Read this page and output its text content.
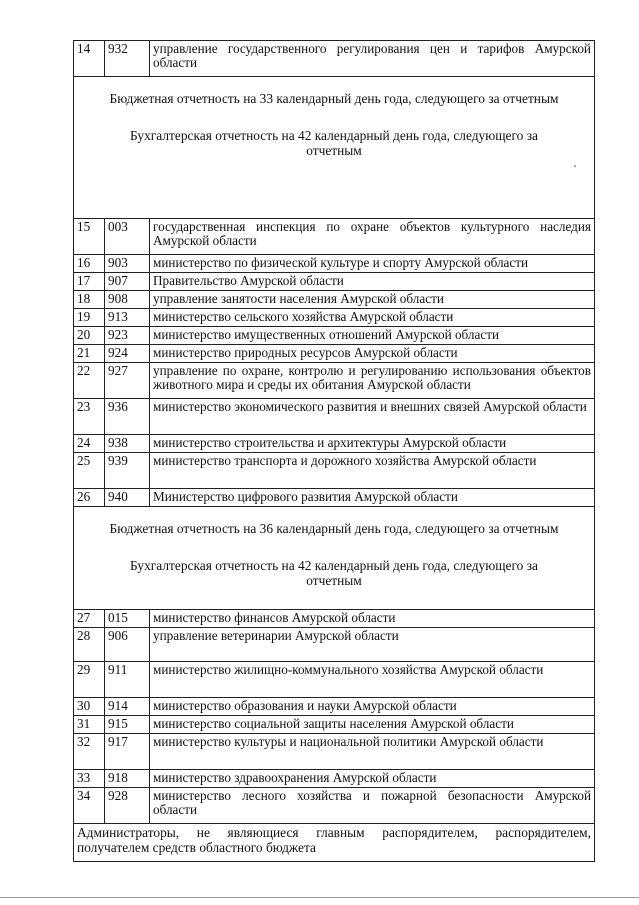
14	932	управление государственного регулирования цен и тарифов Амурской области

Бюджетная отчетность на 33 календарный день года, следующего за отчетным
Бухгалтерская отчетность на 42 календарный день года, следующего за отчетным		

15	003	государственная инспекция по охране объектов культурного наследия Амурской области
16	903	министерство по физической культуре и спорту Амурской области
17	907	Правительство Амурской области
18	908	управление занятости населения Амурской области
19	913	министерство сельского хозяйства Амурской области
20	923	министерство имущественных отношений Амурской области
21	924	министерство природных ресурсов Амурской области
22	927	управление по охране, контролю и регулированию использования объектов животного мира и среды их обитания Амурской области
23	936	министерство экономического развития и внешних связей Амурской области
24	938	министерство строительства и архитектуры Амурской области
25	939	министерство транспорта и дорожного хозяйства Амурской области
26	940	Министерство цифрового развития Амурской области

Бюджетная отчетность на 36 календарный день года, следующего за отчетным
Бухгалтерская отчетность на 42 календарный день года, следующего за отчетным		

27	015	министерство финансов Амурской области
28	906	управление ветеринарии Амурской области
29	911	министерство жилищно-коммунального хозяйства Амурской области
30	914	министерство образования и науки Амурской области
31	915	министерство социальной защиты населения Амурской области
32	917	министерство культуры и национальной политики Амурской области
33	918	министерство здравоохранения Амурской области
34	928	министерство лесного хозяйства и пожарной безопасности Амурской области
Администраторы, не являющиеся главным распорядителем, распорядителем, получателем средств областного бюджета		
